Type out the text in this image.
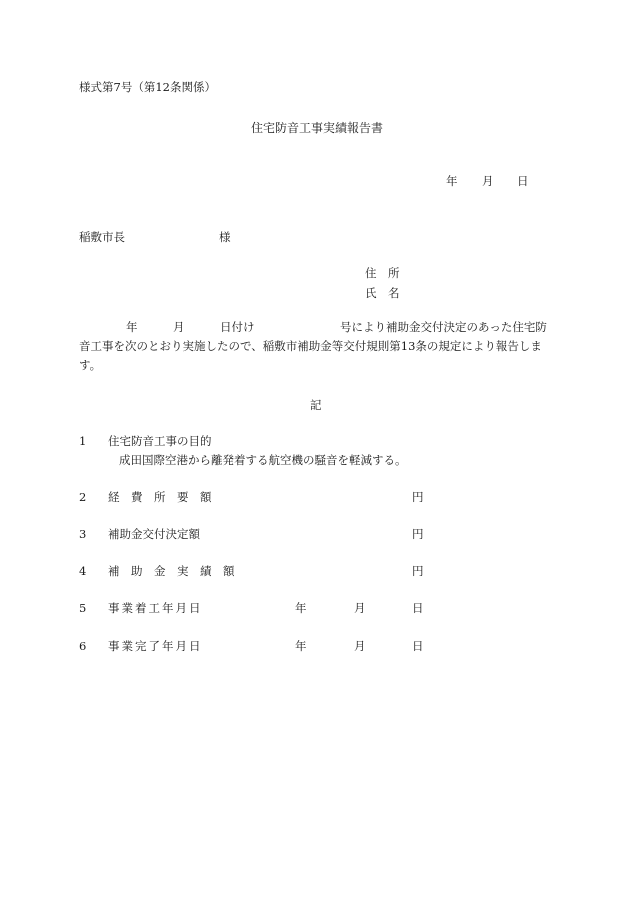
様式第7号（第12条関係）
住宅防音工事実績報告書
年 月 日
稲敷市長	様
住　所
氏　名
年	月	日付け	号により補助金交付決定のあった住宅防
音工事を次のとおり実施したので、稲敷市補助金等交付規則第13条の規定により報告しま
す。
記
1 住宅防音工事の目的
成田国際空港から離発着する航空機の騒音を軽減する。
2 経　費　所　要　額	円
3 補助金交付決定額	円
4 補　助　金　実　績　額	円
5 事業着工年月日	年	月	日
6 事業完了年月日	年	月	日
